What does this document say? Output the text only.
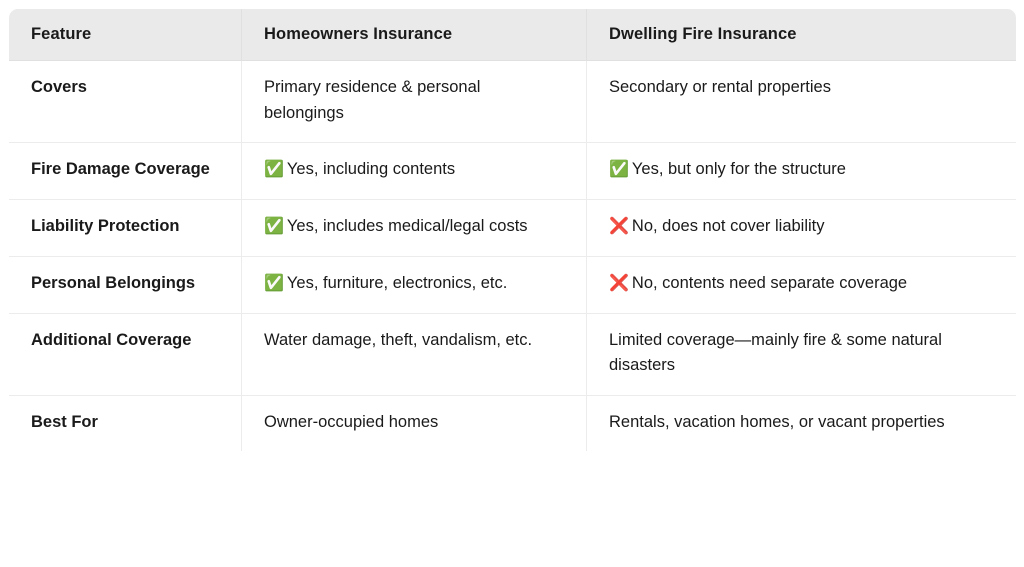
Feature	Homeowners Insurance	Dwelling Fire Insurance
Covers	Primary residence & personal belongings	Secondary or rental properties
Fire Damage Coverage	✅ Yes, including contents	✅ Yes, but only for the structure
Liability Protection	✅ Yes, includes medical/legal costs	❌ No, does not cover liability
Personal Belongings	✅ Yes, furniture, electronics, etc.	❌ No, contents need separate coverage
Additional Coverage	Water damage, theft, vandalism, etc.	Limited coverage—mainly fire & some natural disasters
Best For	Owner-occupied homes	Rentals, vacation homes, or vacant properties
